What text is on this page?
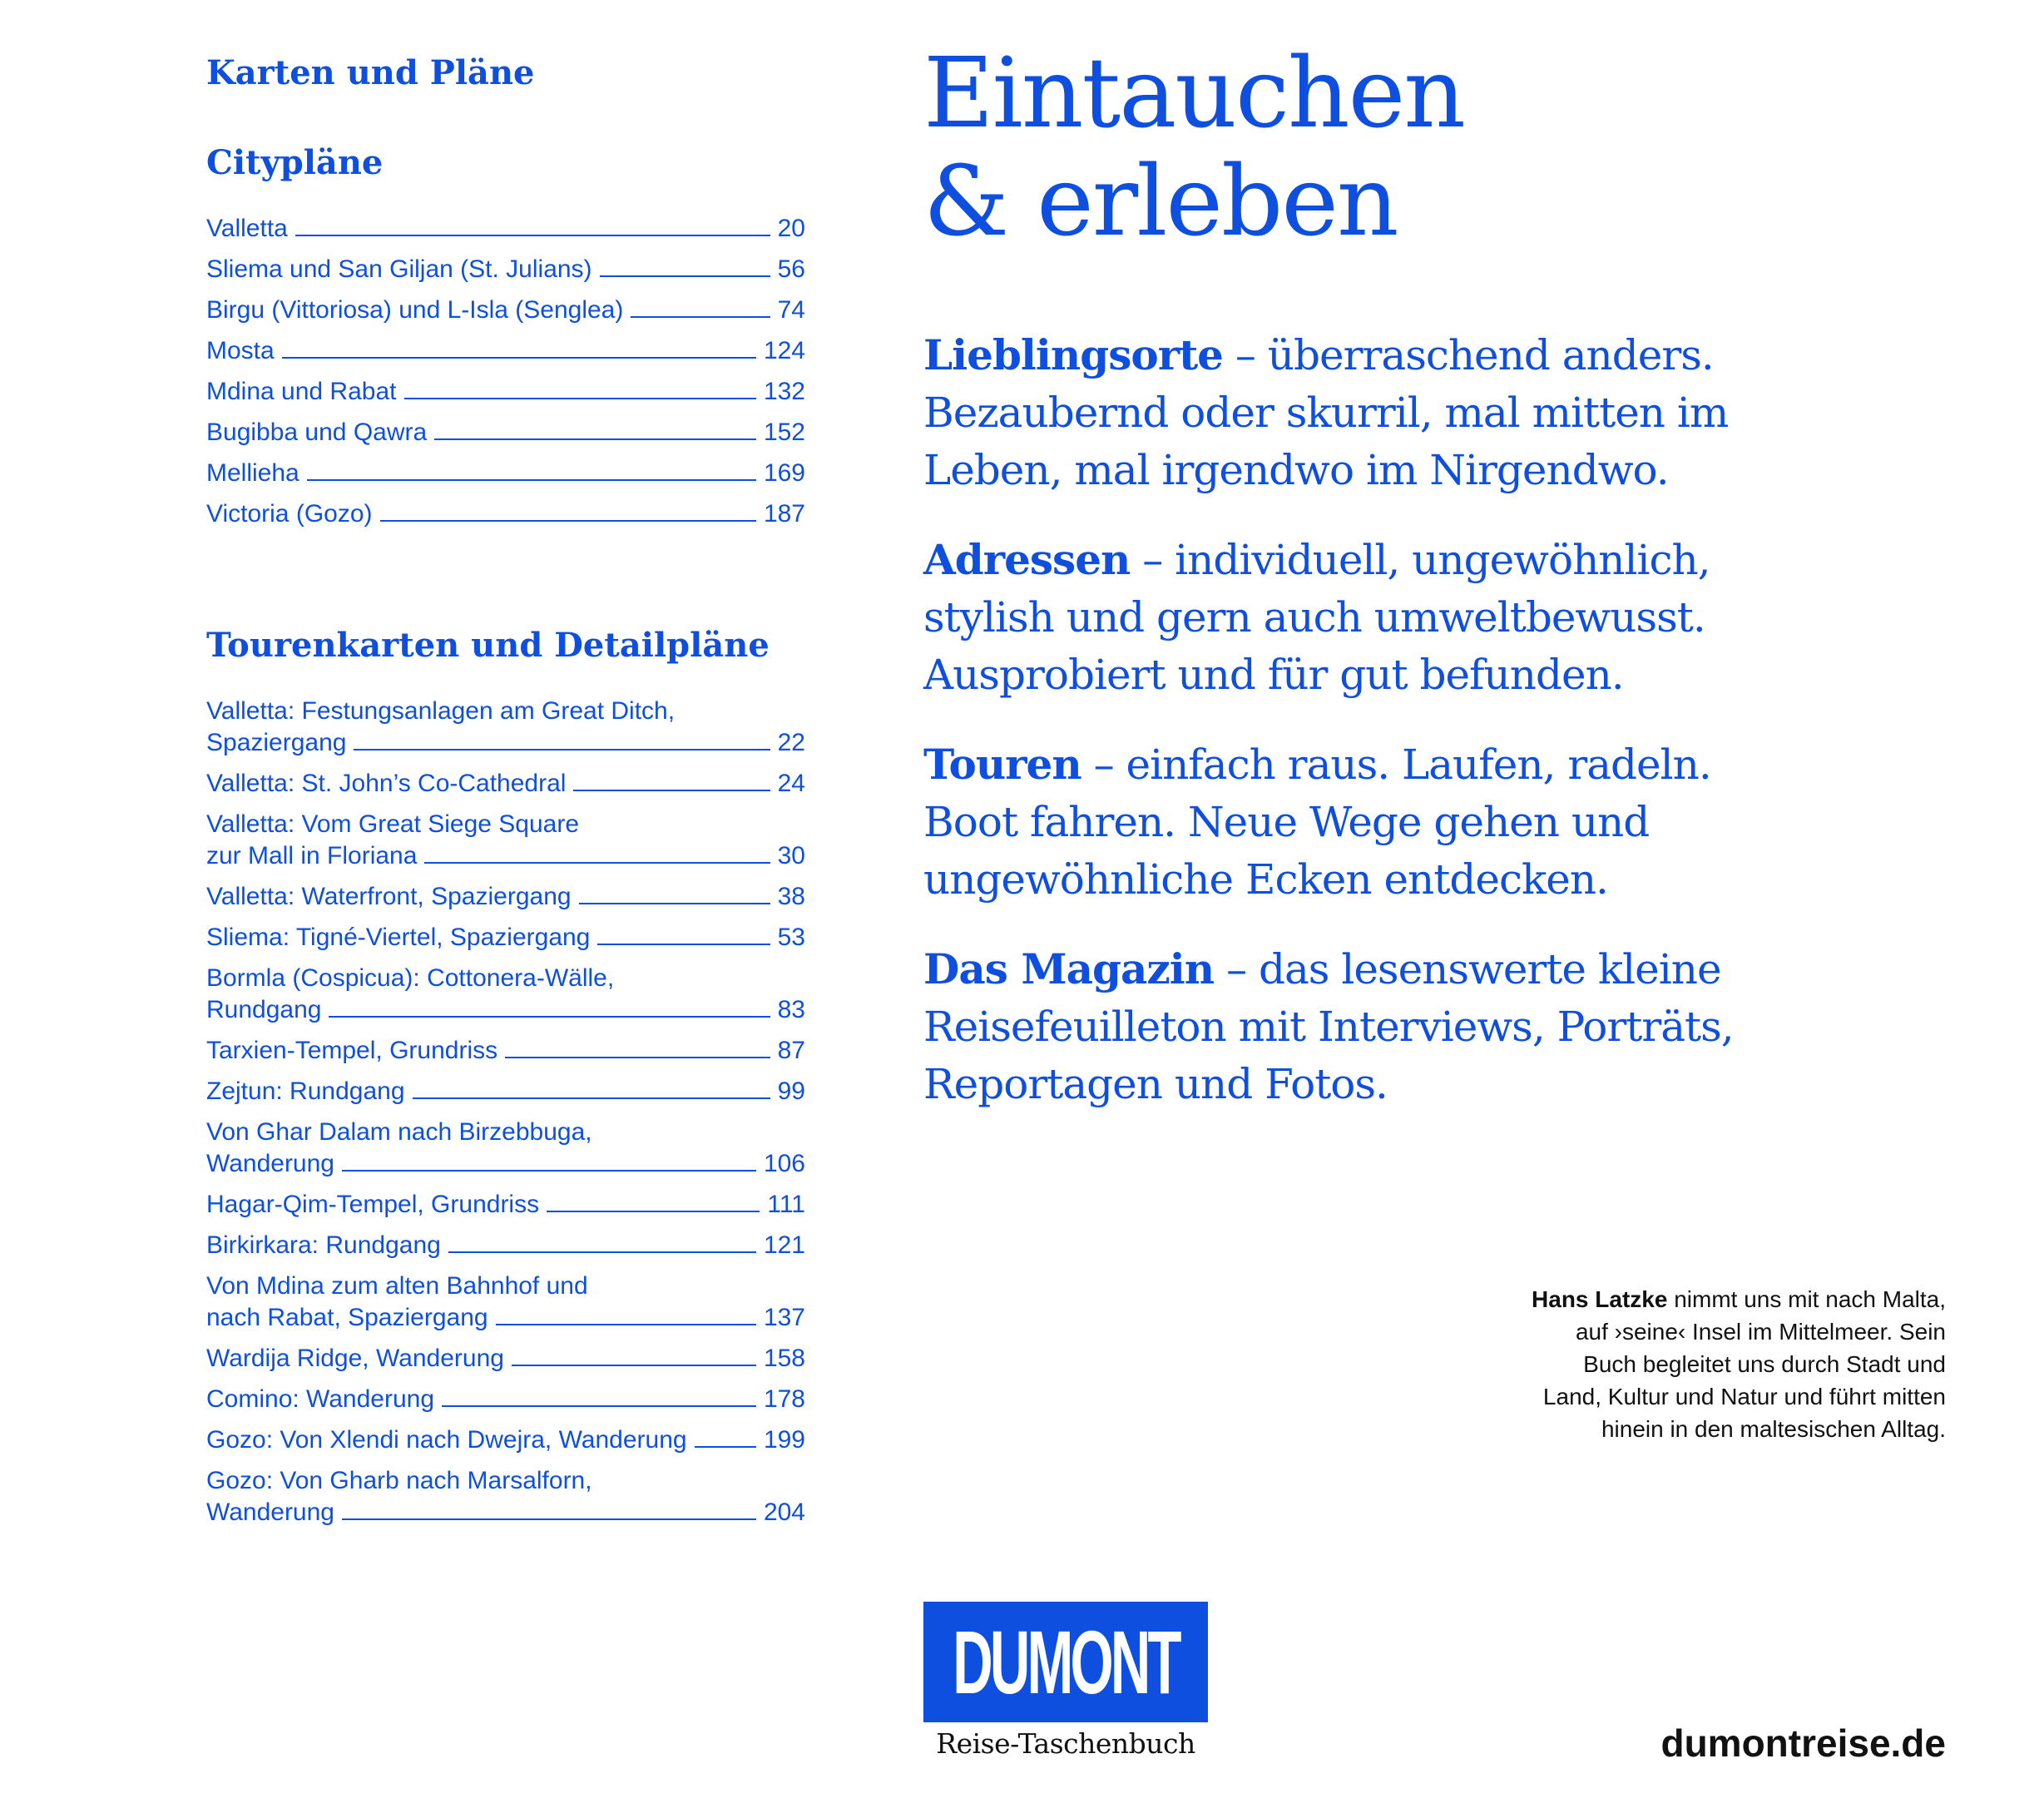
Karten und Pläne
Citypläne
Valletta	20
Sliema und San Giljan (St. Julians)	56
Birgu (Vittoriosa) und L-Isla (Senglea)	74
Mosta	124
Mdina und Rabat	132
Bugibba und Qawra	152
Mellieha	169
Victoria (Gozo)	187
Tourenkarten und Detailpläne
Valletta: Festungsanlagen am Great Ditch,
Spaziergang	22
Valletta: St. John’s Co-Cathedral	24
Valletta: Vom Great Siege Square
zur Mall in Floriana	30
Valletta: Waterfront, Spaziergang	38
Sliema: Tigné-Viertel, Spaziergang	53
Bormla (Cospicua): Cottonera-Wälle,
Rundgang	83
Tarxien-Tempel, Grundriss	87
Zejtun: Rundgang	99
Von Ghar Dalam nach Birzebbuga,
Wanderung	106
Hagar-Qim-Tempel, Grundriss	111
Birkirkara: Rundgang	121
Von Mdina zum alten Bahnhof und
nach Rabat, Spaziergang	137
Wardija Ridge, Wanderung	158
Comino: Wanderung	178
Gozo: Von Xlendi nach Dwejra, Wanderung	199
Gozo: Von Gharb nach Marsalforn,
Wanderung	204
Eintauchen
& erleben

Lieblingsorte – überraschend anders.
Bezaubernd oder skurril, mal mitten im
Leben, mal irgendwo im Nirgendwo.

Adressen – individuell, ungewöhnlich,
stylish und gern auch umweltbewusst.
Ausprobiert und für gut befunden.

Touren – einfach raus. Laufen, radeln.
Boot fahren. Neue Wege gehen und
ungewöhnliche Ecken entdecken.

Das Magazin – das lesenswerte kleine
Reisefeuilleton mit Interviews, Porträts,
Reportagen und Fotos.

Hans Latzke nimmt uns mit nach Malta,
auf ›seine‹ Insel im Mittelmeer. Sein
Buch begleitet uns durch Stadt und
Land, Kultur und Natur und führt mitten
hinein in den maltesischen Alltag.

DUMONT
Reise-Taschenbuch	dumontreise.de
